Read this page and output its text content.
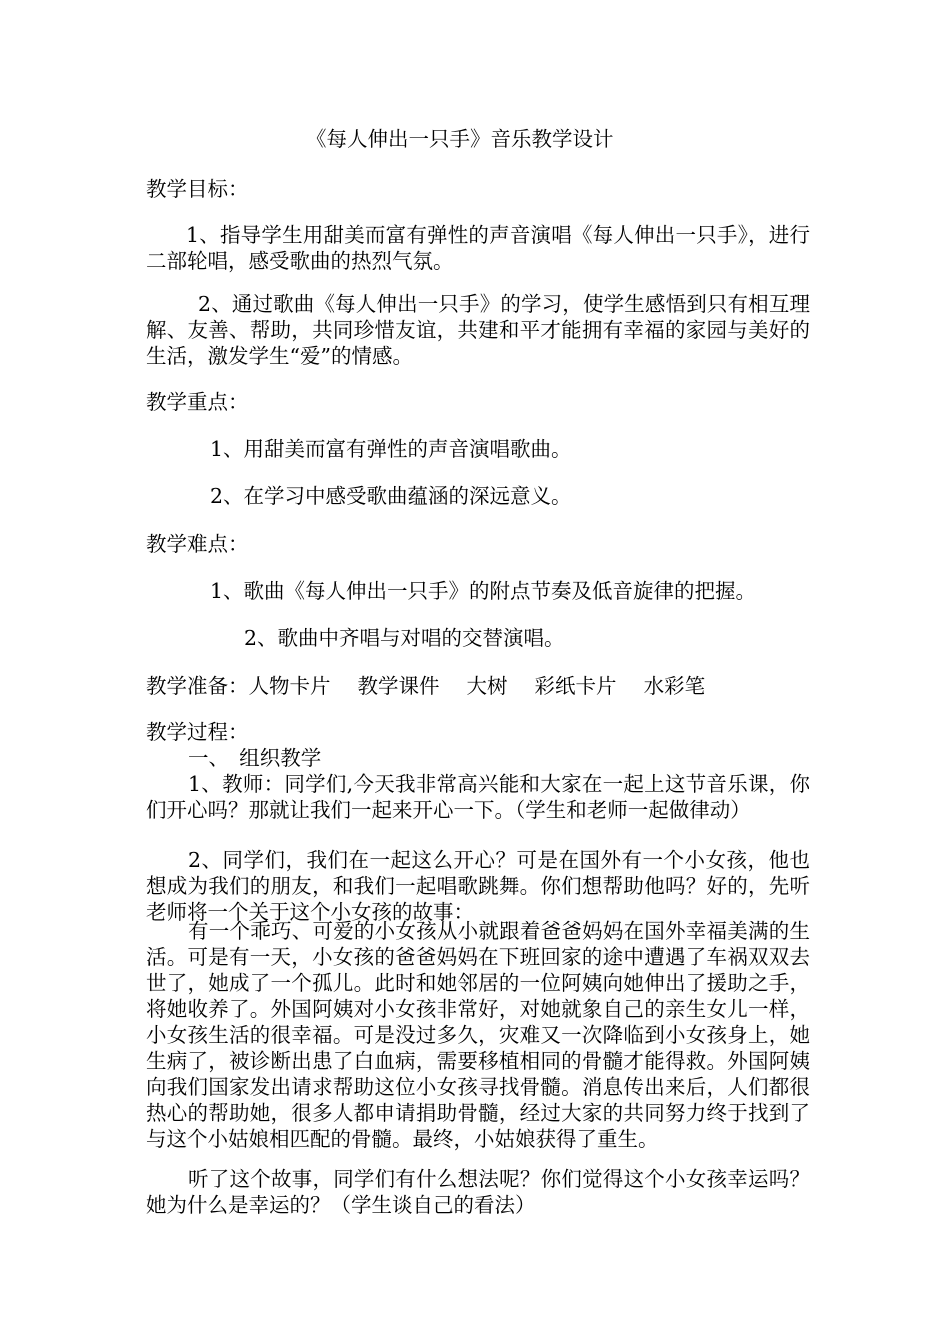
《每人伸出一只手》音乐教学设计
教学目标：
1、指导学生用甜美而富有弹性的声音演唱《每人伸出一只手》，进行二部轮唱，感受歌曲的热烈气氛。
2、通过歌曲《每人伸出一只手》的学习，使学生感悟到只有相互理解、友善、帮助，共同珍惜友谊，共建和平才能拥有幸福的家园与美好的生活，激发学生“爱”的情感。
教学重点：
1、用甜美而富有弹性的声音演唱歌曲。
2、在学习中感受歌曲蕴涵的深远意义。
教学难点：
1、歌曲《每人伸出一只手》的附点节奏及低音旋律的把握。
2、歌曲中齐唱与对唱的交替演唱。
教学准备：人物卡片　 教学课件　 大树　 彩纸卡片　 水彩笔
教学过程：
一、　组织教学
1、教师：同学们,今天我非常高兴能和大家在一起上这节音乐课，你们开心吗？那就让我们一起来开心一下。（学生和老师一起做律动）
2、同学们，我们在一起这么开心？可是在国外有一个小女孩，他也想成为我们的朋友，和我们一起唱歌跳舞。你们想帮助他吗？好的，先听老师将一个关于这个小女孩的故事：
有一个乖巧、可爱的小女孩从小就跟着爸爸妈妈在国外幸福美满的生活。可是有一天，小女孩的爸爸妈妈在下班回家的途中遭遇了车祸双双去世了，她成了一个孤儿。此时和她邻居的一位阿姨向她伸出了援助之手，将她收养了。外国阿姨对小女孩非常好，对她就象自己的亲生女儿一样，小女孩生活的很幸福。可是没过多久，灾难又一次降临到小女孩身上，她生病了，被诊断出患了白血病，需要移植相同的骨髓才能得救。外国阿姨向我们国家发出请求帮助这位小女孩寻找骨髓。消息传出来后，人们都很热心的帮助她，很多人都申请捐助骨髓，经过大家的共同努力终于找到了与这个小姑娘相匹配的骨髓。最终，小姑娘获得了重生。
听了这个故事，同学们有什么想法呢？你们觉得这个小女孩幸运吗？她为什么是幸运的？（学生谈自己的看法）
